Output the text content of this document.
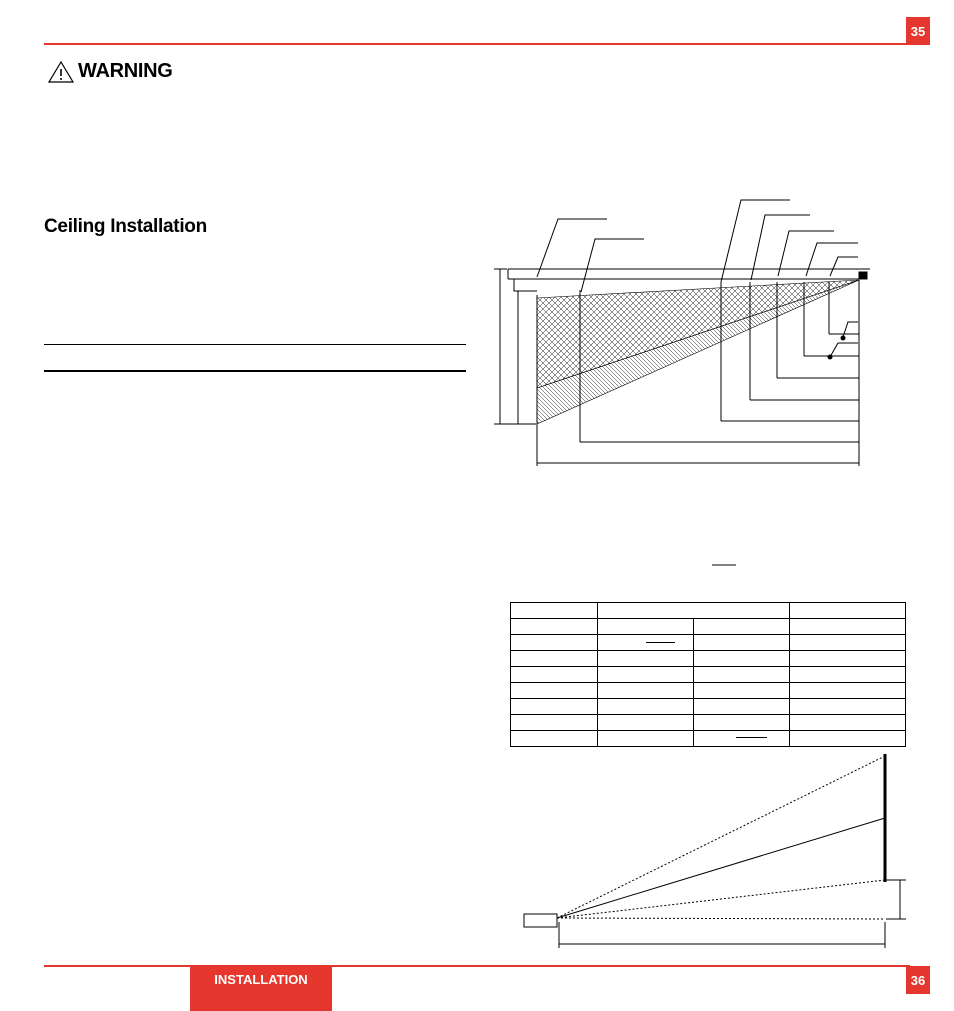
35
WARNING
Ceiling Installation

INSTALLATION	36
